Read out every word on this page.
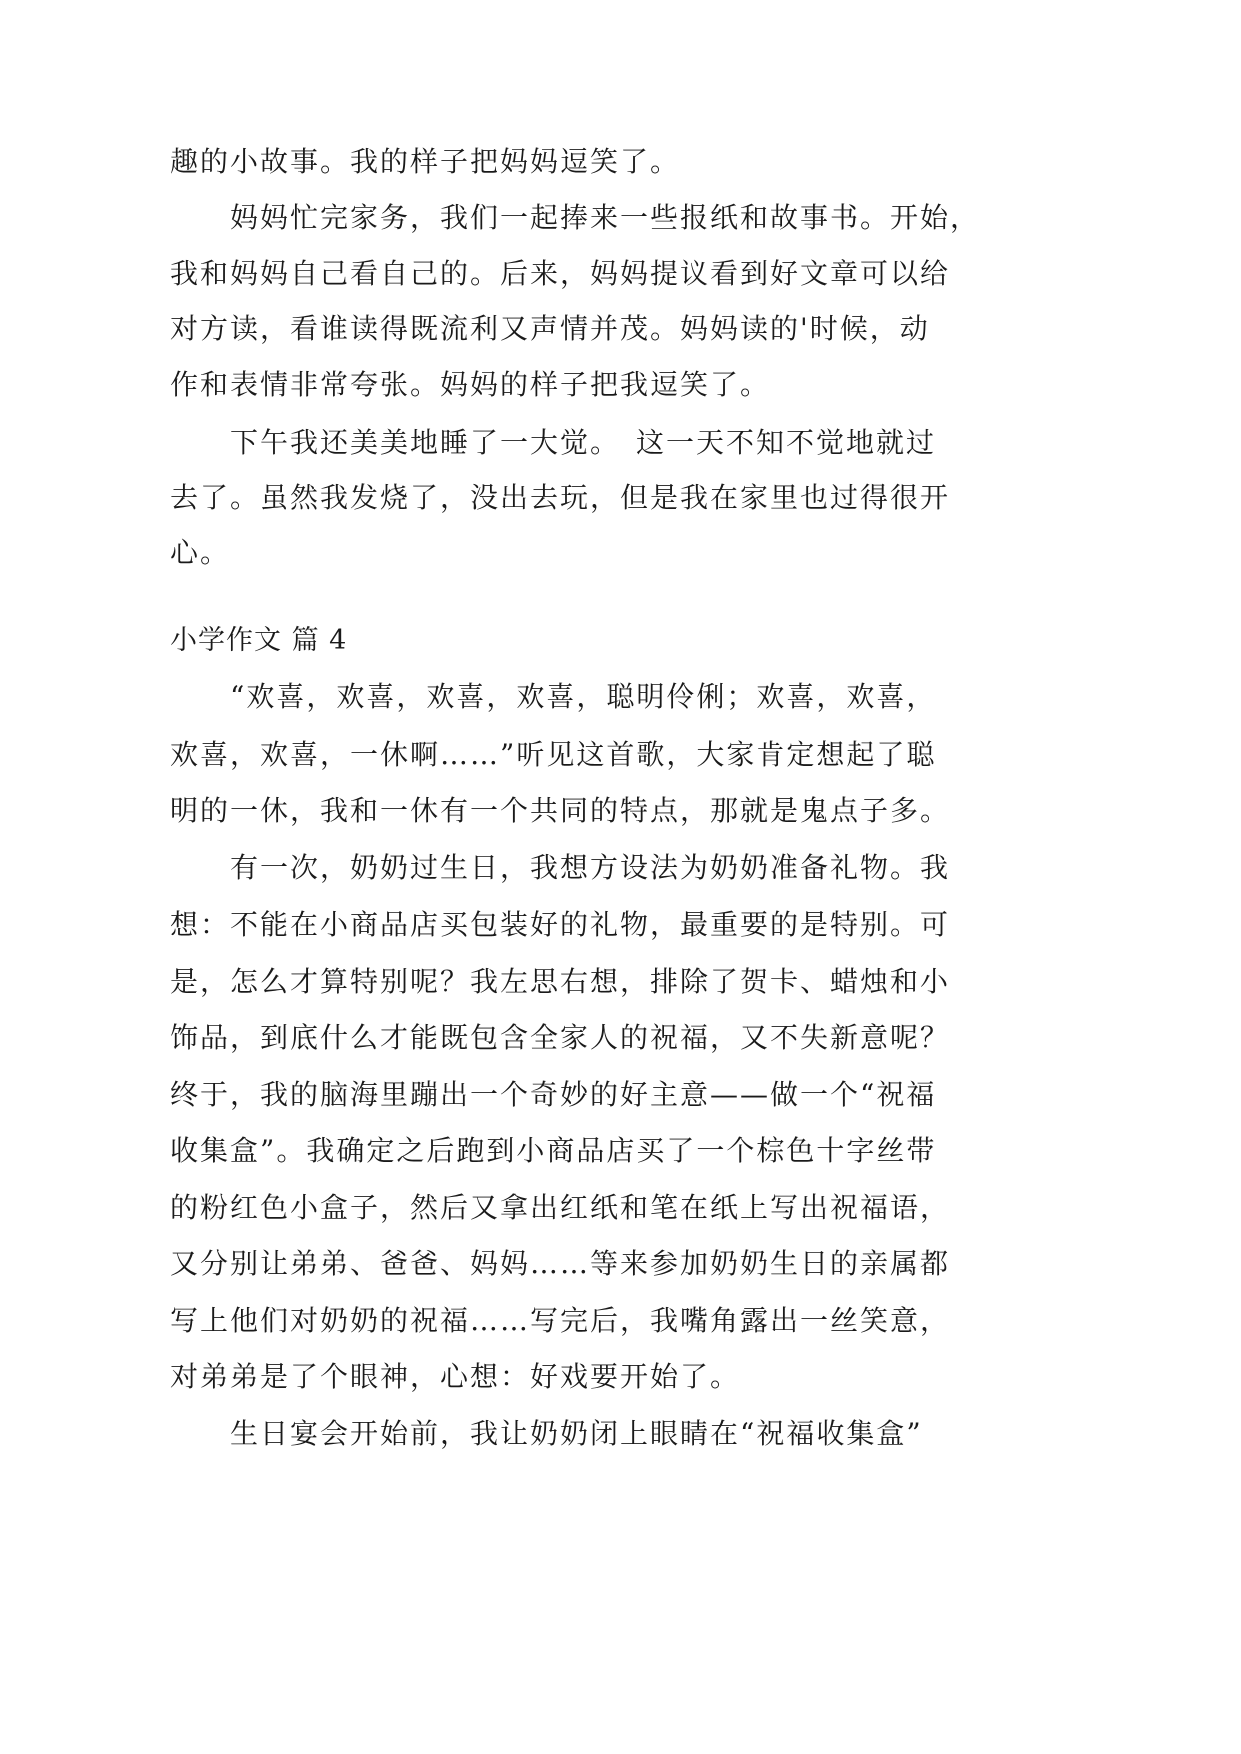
趣的小故事。我的样子把妈妈逗笑了。
妈妈忙完家务，我们一起捧来一些报纸和故事书。开始，
我和妈妈自己看自己的。后来，妈妈提议看到好文章可以给
对方读，看谁读得既流利又声情并茂。妈妈读的'时候，动
作和表情非常夸张。妈妈的样子把我逗笑了。
下午我还美美地睡了一大觉。　这一天不知不觉地就过
去了。虽然我发烧了，没出去玩，但是我在家里也过得很开
心。
小学作文 篇 4
“欢喜，欢喜，欢喜，欢喜，聪明伶俐；欢喜，欢喜，
欢喜，欢喜，一休啊……”听见这首歌，大家肯定想起了聪
明的一休，我和一休有一个共同的特点，那就是鬼点子多。
有一次，奶奶过生日，我想方设法为奶奶准备礼物。我
想：不能在小商品店买包装好的礼物，最重要的是特别。可
是，怎么才算特别呢？我左思右想，排除了贺卡、蜡烛和小
饰品，到底什么才能既包含全家人的祝福，又不失新意呢？
终于，我的脑海里蹦出一个奇妙的好主意——做一个“祝福
收集盒”。我确定之后跑到小商品店买了一个棕色十字丝带
的粉红色小盒子，然后又拿出红纸和笔在纸上写出祝福语，
又分别让弟弟、爸爸、妈妈……等来参加奶奶生日的亲属都
写上他们对奶奶的祝福……写完后，我嘴角露出一丝笑意，
对弟弟是了个眼神，心想：好戏要开始了。
生日宴会开始前，我让奶奶闭上眼睛在“祝福收集盒”
